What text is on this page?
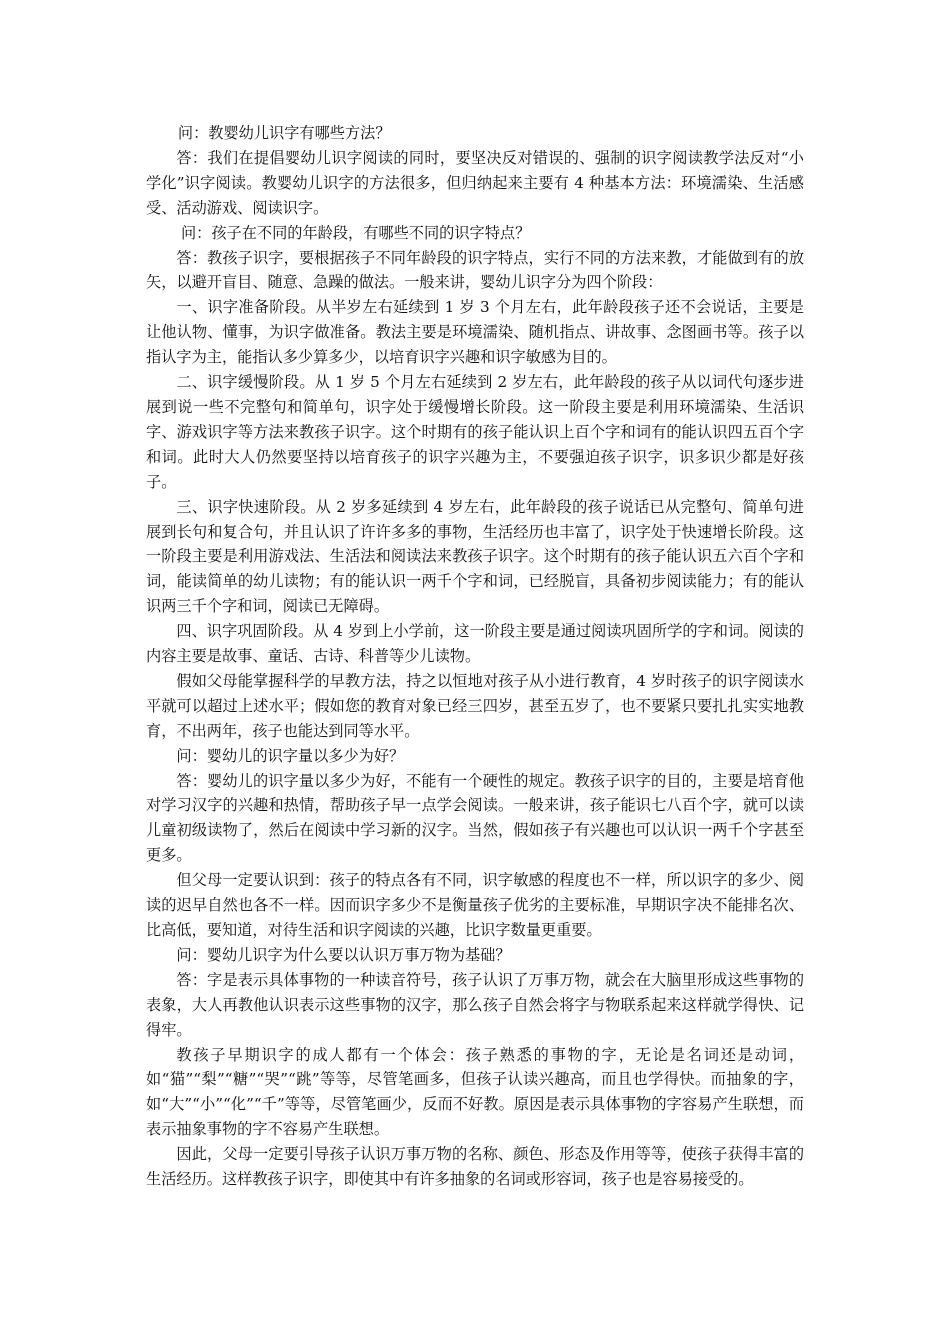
问：教婴幼儿识字有哪些方法？

答：我们在提倡婴幼儿识字阅读的同时，要坚决反对错误的、强制的识字阅读教学法反对“小学化”识字阅读。教婴幼儿识字的方法很多，但归纳起来主要有 4 种基本方法：环境濡染、生活感受、活动游戏、阅读识字。

问：孩子在不同的年龄段，有哪些不同的识字特点？

答：教孩子识字，要根据孩子不同年龄段的识字特点，实行不同的方法来教，才能做到有的放矢，以避开盲目、随意、急躁的做法。一般来讲，婴幼儿识字分为四个阶段：

一、识字准备阶段。从半岁左右延续到 1 岁 3 个月左右，此年龄段孩子还不会说话，主要是让他认物、懂事，为识字做准备。教法主要是环境濡染、随机指点、讲故事、念图画书等。孩子以指认字为主，能指认多少算多少，以培育识字兴趣和识字敏感为目的。

二、识字缓慢阶段。从 1 岁 5 个月左右延续到 2 岁左右，此年龄段的孩子从以词代句逐步进展到说一些不完整句和简单句，识字处于缓慢增长阶段。这一阶段主要是利用环境濡染、生活识字、游戏识字等方法来教孩子识字。这个时期有的孩子能认识上百个字和词有的能认识四五百个字和词。此时大人仍然要坚持以培育孩子的识字兴趣为主，不要强迫孩子识字，识多识少都是好孩子。

三、识字快速阶段。从 2 岁多延续到 4 岁左右，此年龄段的孩子说话已从完整句、简单句进展到长句和复合句，并且认识了许许多多的事物，生活经历也丰富了，识字处于快速增长阶段。这一阶段主要是利用游戏法、生活法和阅读法来教孩子识字。这个时期有的孩子能认识五六百个字和词，能读简单的幼儿读物；有的能认识一两千个字和词，已经脱盲，具备初步阅读能力；有的能认识两三千个字和词，阅读已无障碍。

四、识字巩固阶段。从 4 岁到上小学前，这一阶段主要是通过阅读巩固所学的字和词。阅读的内容主要是故事、童话、古诗、科普等少儿读物。

假如父母能掌握科学的早教方法，持之以恒地对孩子从小进行教育，4 岁时孩子的识字阅读水平就可以超过上述水平；假如您的教育对象已经三四岁，甚至五岁了，也不要紧只要扎扎实实地教育，不出两年，孩子也能达到同等水平。

问：婴幼儿的识字量以多少为好？

答：婴幼儿的识字量以多少为好，不能有一个硬性的规定。教孩子识字的目的，主要是培育他对学习汉字的兴趣和热情，帮助孩子早一点学会阅读。一般来讲，孩子能识七八百个字，就可以读儿童初级读物了，然后在阅读中学习新的汉字。当然，假如孩子有兴趣也可以认识一两千个字甚至更多。

但父母一定要认识到：孩子的特点各有不同，识字敏感的程度也不一样，所以识字的多少、阅读的迟早自然也各不一样。因而识字多少不是衡量孩子优劣的主要标准，早期识字决不能排名次、比高低，要知道，对待生活和识字阅读的兴趣，比识字数量更重要。

问：婴幼儿识字为什么要以认识万事万物为基础？

答：字是表示具体事物的一种读音符号，孩子认识了万事万物，就会在大脑里形成这些事物的表象，大人再教他认识表示这些事物的汉字，那么孩子自然会将字与物联系起来这样就学得快、记得牢。

教孩子早期识字的成人都有一个体会：孩子熟悉的事物的字，无论是名词还是动词，如“猫”“梨”“糖”“哭”“跳”等等，尽管笔画多，但孩子认读兴趣高，而且也学得快。而抽象的字，如“大”“小”“化”“千”等等，尽管笔画少，反而不好教。原因是表示具体事物的字容易产生联想，而表示抽象事物的字不容易产生联想。

因此，父母一定要引导孩子认识万事万物的名称、颜色、形态及作用等等，使孩子获得丰富的生活经历。这样教孩子识字，即使其中有许多抽象的名词或形容词，孩子也是容易接受的。
